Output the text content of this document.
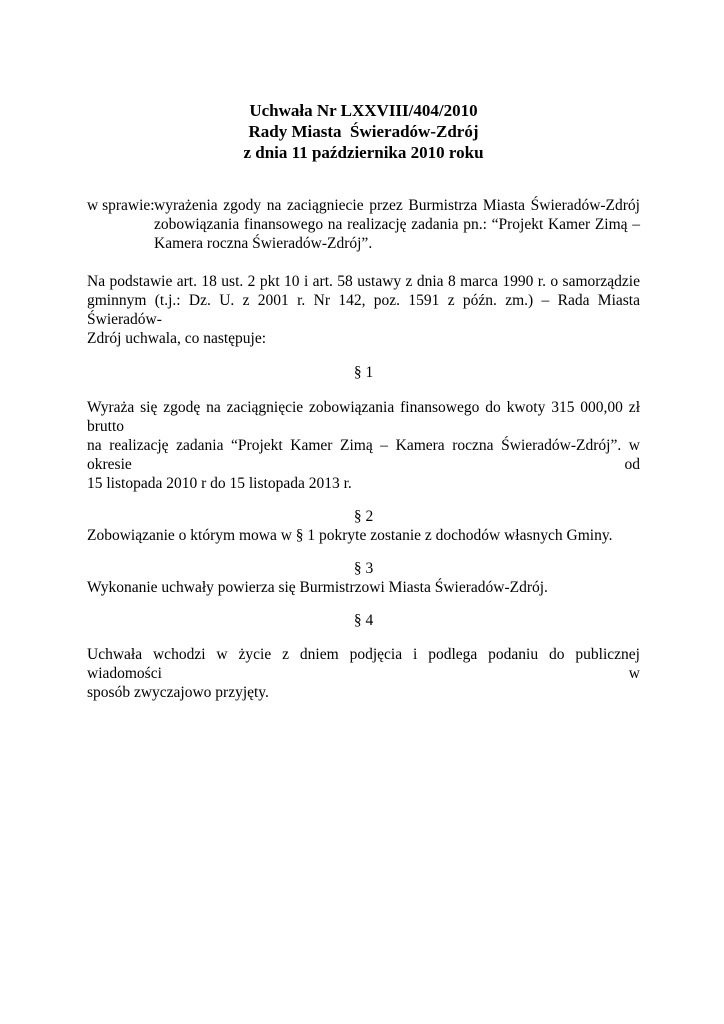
Uchwała Nr LXXVIII/404/2010
Rady Miasta  Świeradów-Zdrój
z dnia 11 października 2010 roku
w sprawie: wyrażenia zgody na zaciągniecie przez Burmistrza Miasta Świeradów-Zdrój
zobowiązania finansowego na realizację zadania pn.: “Projekt Kamer Zimą –
Kamera roczna Świeradów-Zdrój”.
Na podstawie art. 18 ust. 2 pkt 10 i art. 58 ustawy z dnia 8 marca 1990 r. o samorządzie
gminnym (t.j.: Dz. U. z 2001 r. Nr 142, poz. 1591 z późn. zm.) – Rada Miasta Świeradów-
Zdrój uchwala, co następuje:
§ 1
Wyraża się zgodę na zaciągnięcie zobowiązania finansowego do kwoty 315 000,00 zł brutto
na realizację zadania “Projekt Kamer Zimą – Kamera roczna Świeradów-Zdrój”. w okresie od
15 listopada 2010 r do 15 listopada 2013 r.
§ 2
Zobowiązanie o którym mowa w § 1 pokryte zostanie z dochodów własnych Gminy.
§ 3
Wykonanie uchwały powierza się Burmistrzowi Miasta Świeradów-Zdrój.
§ 4
Uchwała wchodzi w życie z dniem podjęcia i podlega podaniu do publicznej wiadomości w
sposób zwyczajowo przyjęty.
